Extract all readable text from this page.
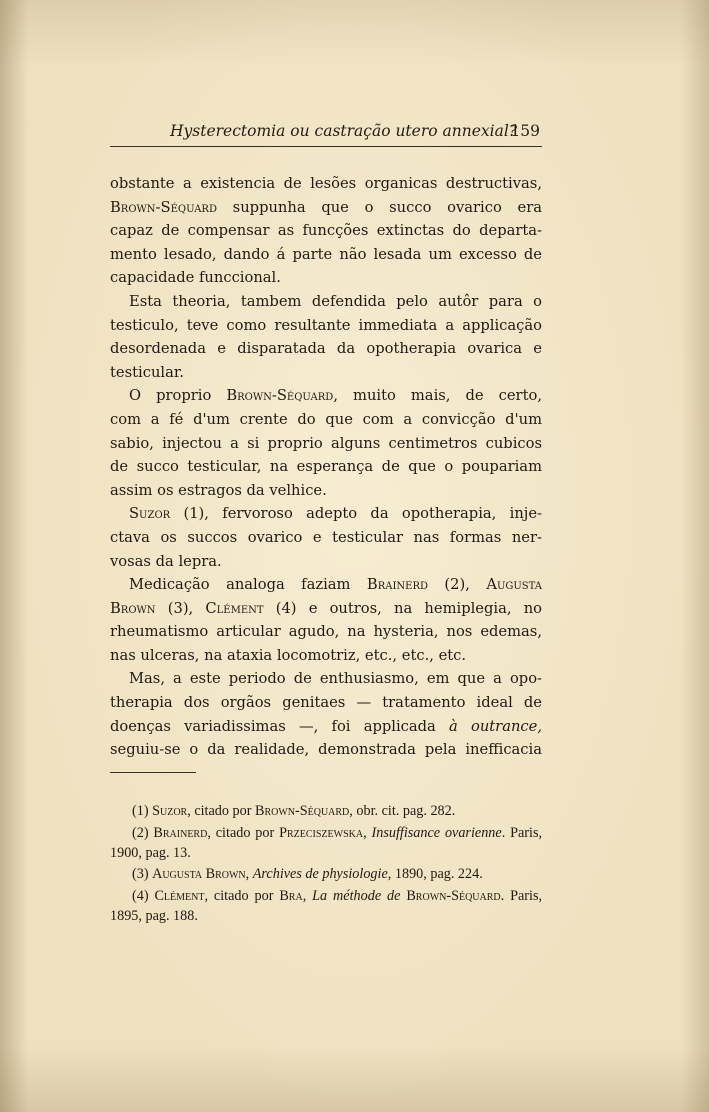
Hysterectomia ou castração utero annexial?
159

obstante a existencia de lesões organicas destructivas,

Brown-Séquard suppunha que o succo ovarico era

capaz de compensar as funcções extinctas do departa-

mento lesado, dando á parte não lesada um excesso de

capacidade funccional.

Esta theoria, tambem defendida pelo autôr para o

testiculo, teve como resultante immediata a applicação

desordenada e disparatada da opotherapia ovarica e

testicular.

O proprio Brown-Séquard, muito mais, de certo,

com a fé d'um crente do que com a convicção d'um

sabio, injectou a si proprio alguns centimetros cubicos

de succo testicular, na esperança de que o poupariam

assim os estragos da velhice.

Suzor (1), fervoroso adepto da opotherapia, inje-

ctava os succos ovarico e testicular nas formas ner-

vosas da lepra.

Medicação analoga faziam Brainerd (2), Augusta

Brown (3), Clément (4) e outros, na hemiplegia, no

rheumatismo articular agudo, na hysteria, nos edemas,

nas ulceras, na ataxia locomotriz, etc., etc., etc.

Mas, a este periodo de enthusiasmo, em que a opo-

therapia dos orgãos genitaes — tratamento ideal de

doenças variadissimas —, foi applicada à outrance,

seguiu-se o da realidade, demonstrada pela inefficacia

(1) Suzor, citado por Brown-Séquard, obr. cit. pag. 282.

(2) Brainerd, citado por Przeciszewska, Insuffisance ovarienne. Paris, 1900, pag. 13.

(3) Augusta Brown, Archives de physiologie, 1890, pag. 224.

(4) Clément, citado por Bra, La méthode de Brown-Séquard. Paris, 1895, pag. 188.
